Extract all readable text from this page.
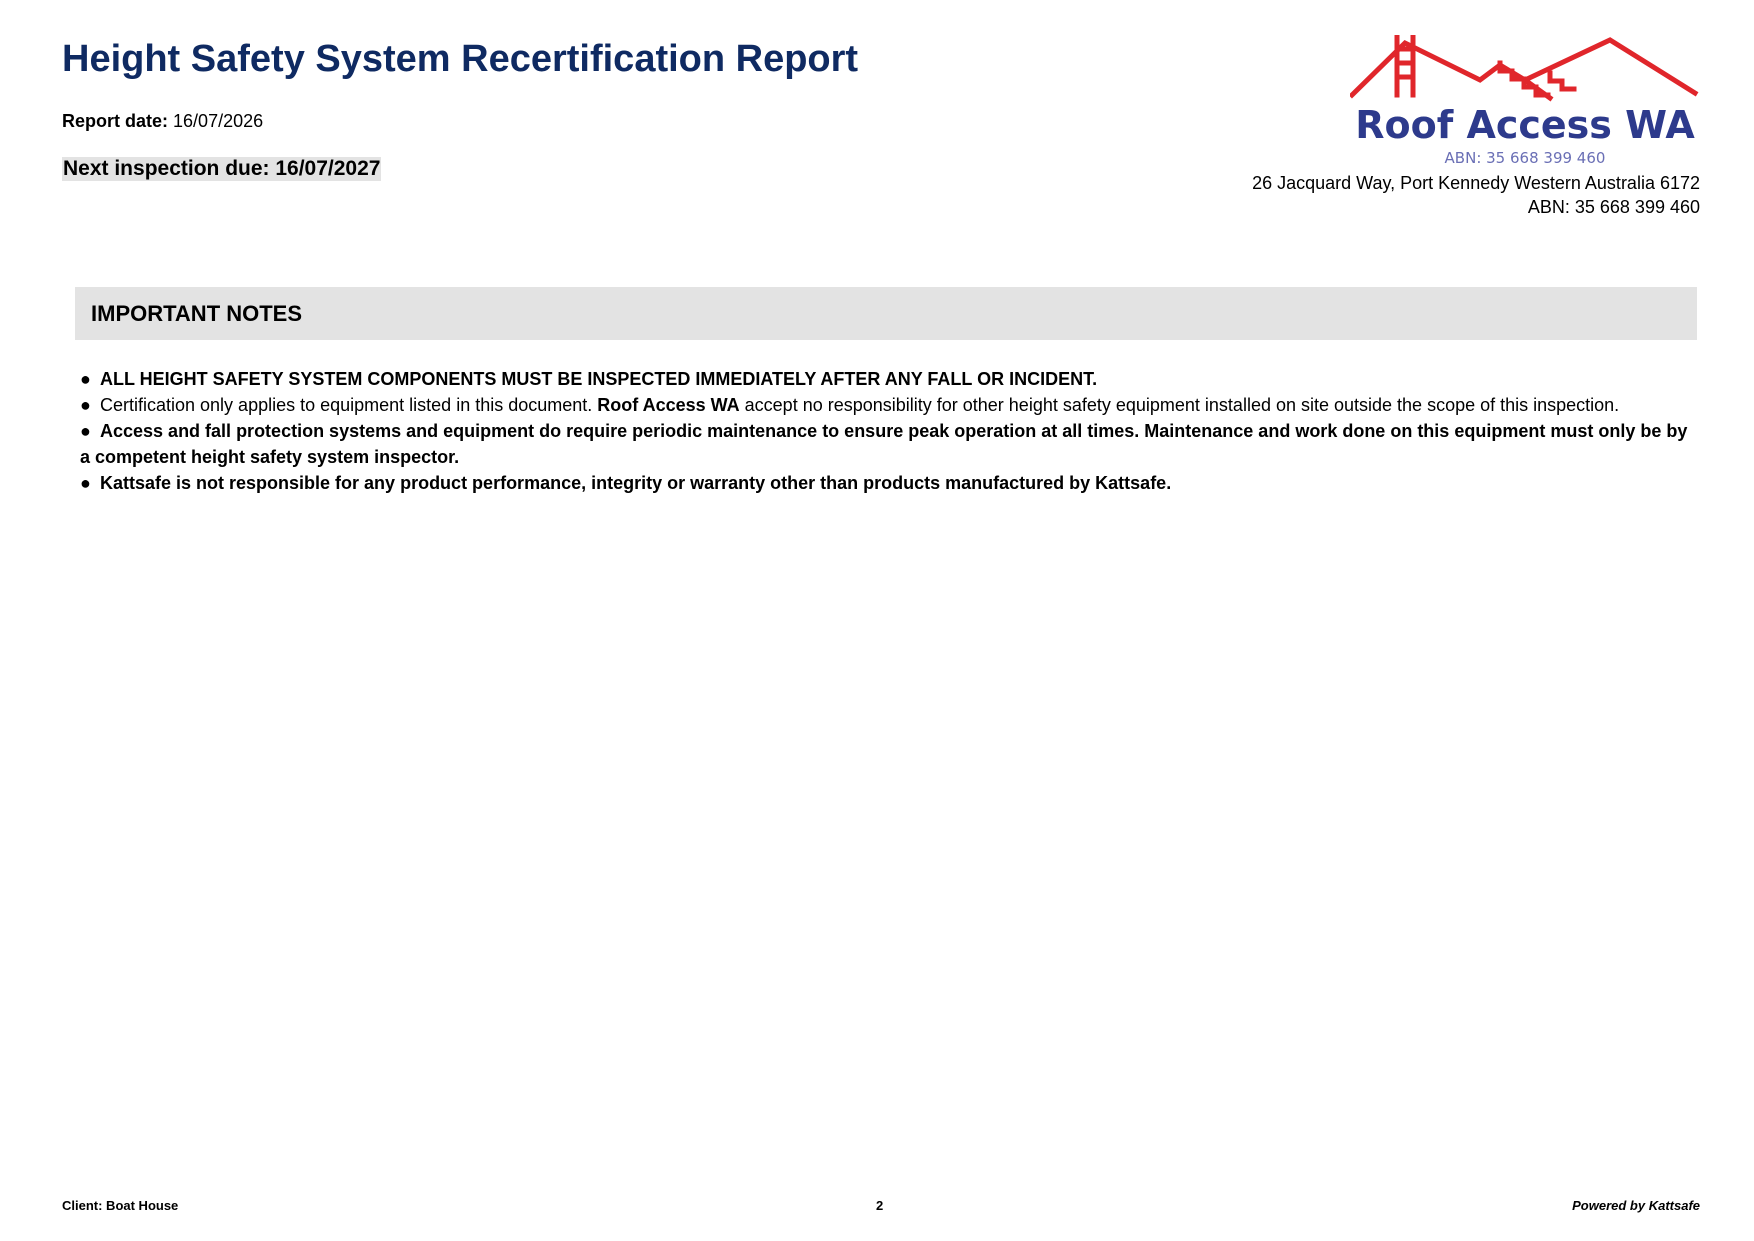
Height Safety System Recertification Report
Report date: 16/07/2026
Next inspection due: 16/07/2027
Roof Access WA
ABN: 35 668 399 460
26 Jacquard Way, Port Kennedy Western Australia 6172
ABN: 35 668 399 460
IMPORTANT NOTES

● ALL HEIGHT SAFETY SYSTEM COMPONENTS MUST BE INSPECTED IMMEDIATELY AFTER ANY FALL OR INCIDENT.

● Certification only applies to equipment listed in this document. Roof Access WA accept no responsibility for other height safety equipment installed on site outside the scope of this inspection.

● Access and fall protection systems and equipment do require periodic maintenance to ensure peak operation at all times. Maintenance and work done on this equipment must only be by a competent height safety system inspector.

● Kattsafe is not responsible for any product performance, integrity or warranty other than products manufactured by Kattsafe.

Client: Boat House	2	Powered by Kattsafe
